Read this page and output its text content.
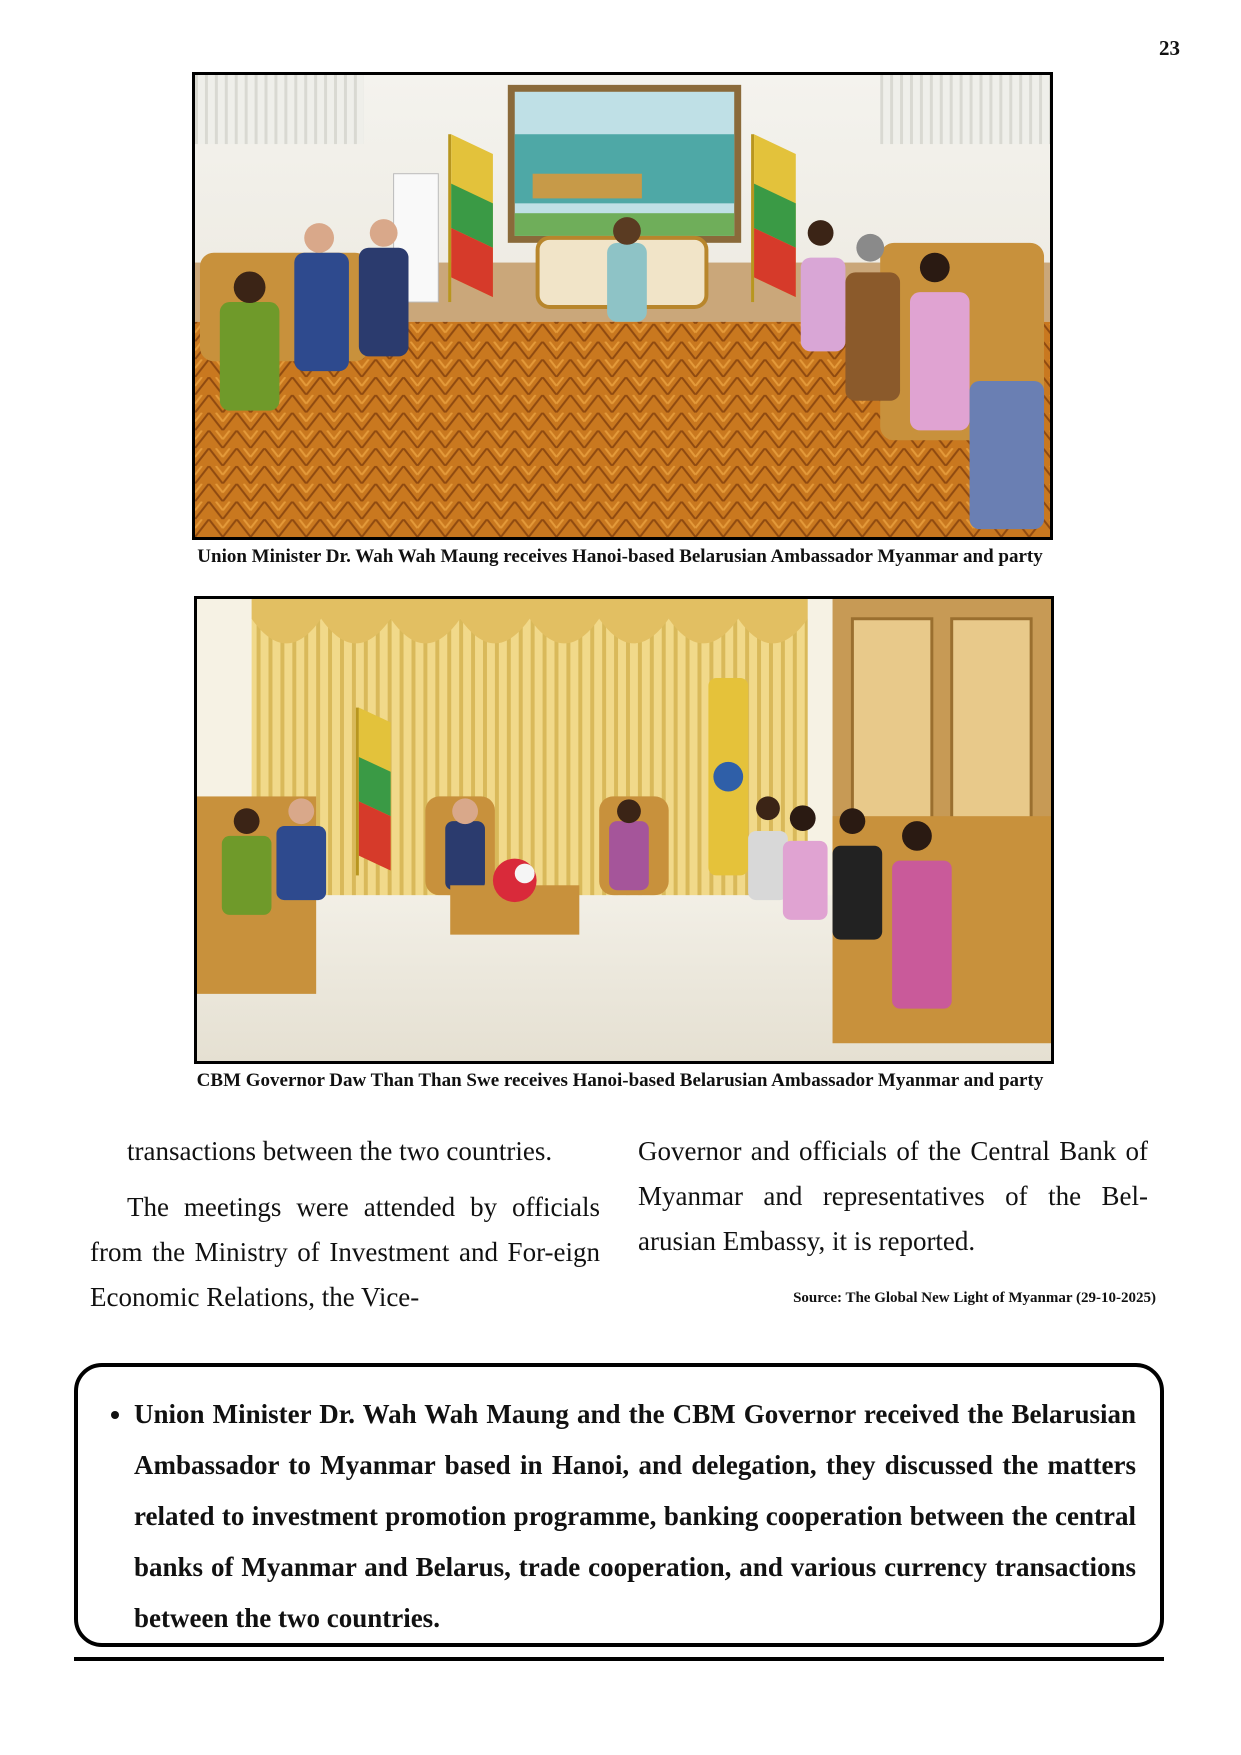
23
Union Minister Dr. Wah Wah Maung receives Hanoi-based Belarusian Ambassador Myanmar and party
CBM Governor Daw Than Than Swe receives Hanoi-based Belarusian Ambassador Myanmar and party

transactions between the two countries.

The meetings were attended by officials from the Ministry of Investment and For-eign Economic Relations, the Vice-

Governor and officials of the Central Bank of Myanmar and representatives of the Bel-arusian Embassy, it is reported.

Source: The Global New Light of Myanmar (29-10-2025)
• Union Minister Dr. Wah Wah Maung and the CBM Governor received the Belarusian Ambassador to Myanmar based in Hanoi, and delegation, they discussed the matters related to investment promotion programme, banking cooperation between the central banks of Myanmar and Belarus, trade cooperation, and various currency transactions between the two countries.
